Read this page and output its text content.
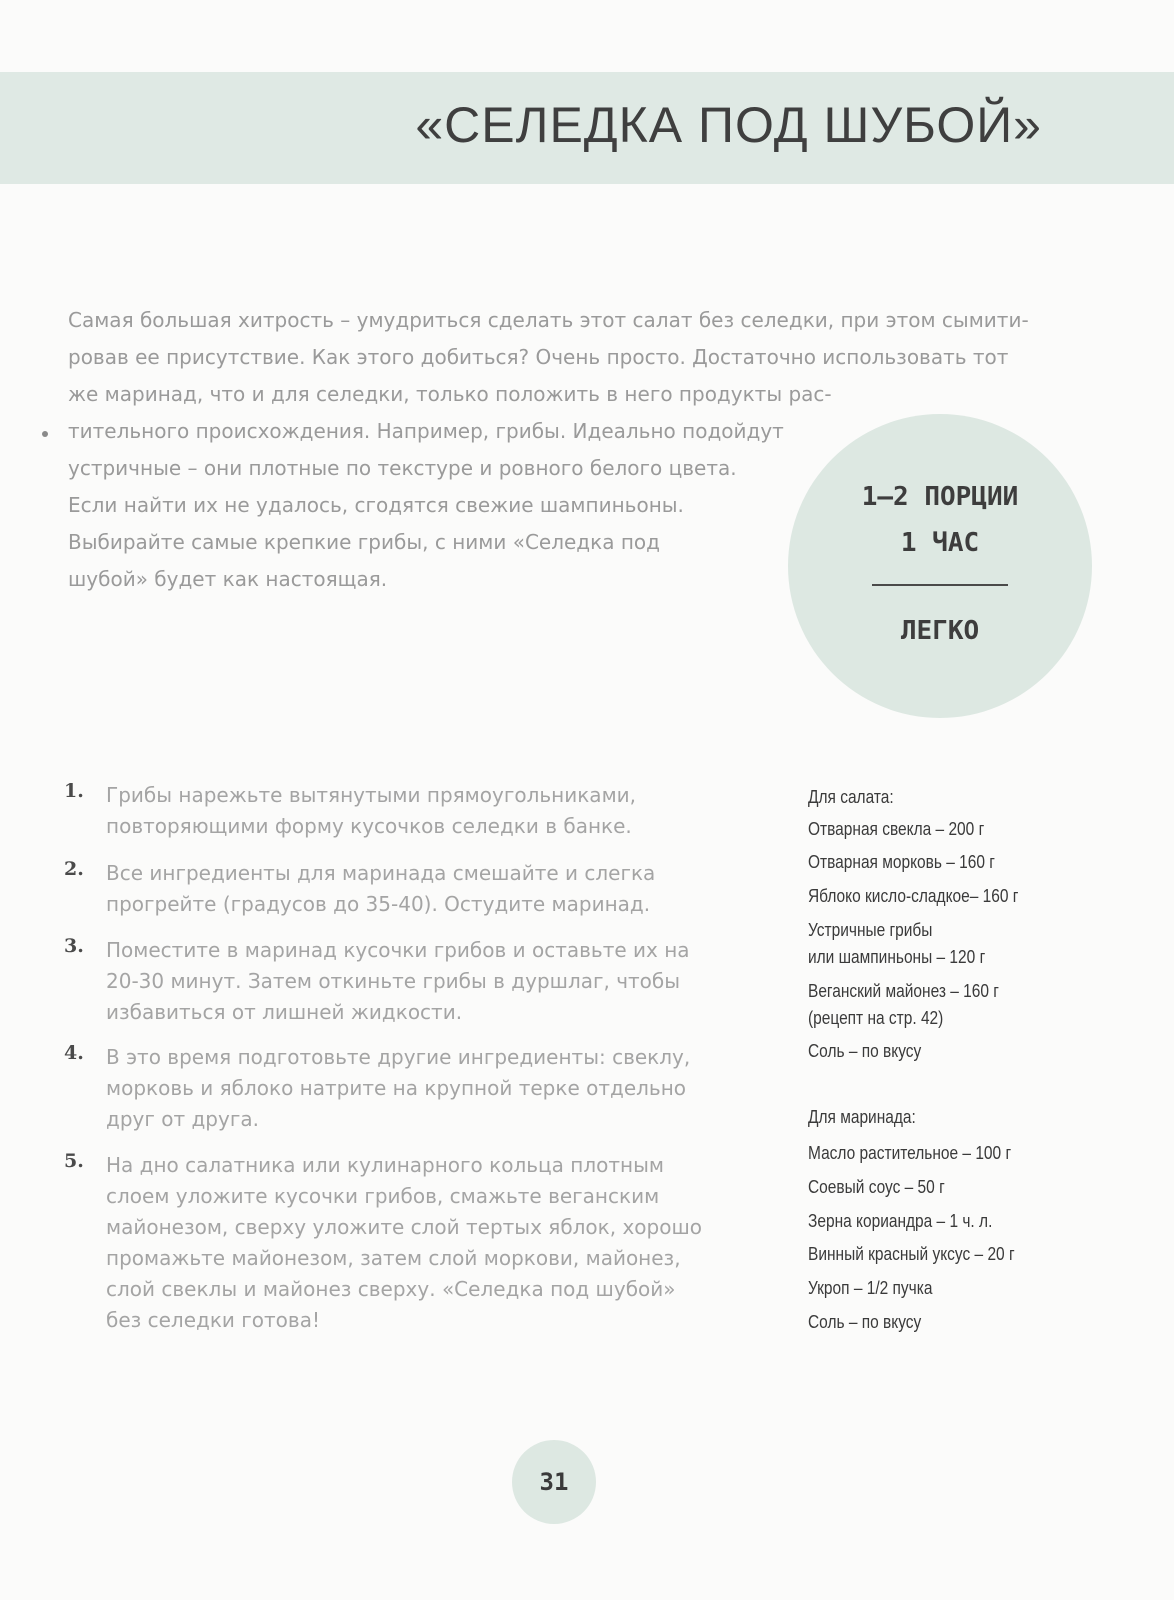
«СЕЛЕДКА ПОД ШУБОЙ»

Самая большая хитрость – умудриться сделать этот салат без селедки, при этом сымити-
ровав ее присутствие. Как этого добиться? Очень просто. Достаточно использовать тот
же маринад, что и для селедки, только положить в него продукты рас-
тительного происхождения. Например, грибы. Идеально подойдут
устричные – они плотные по текстуре и ровного белого цвета.
Если найти их не удалось, сгодятся свежие шампиньоны.
Выбирайте самые крепкие грибы, с ними «Селедка под
шубой» будет как настоящая.

1–2 ПОРЦИИ

1 ЧАС

ЛЕГКО

1. Грибы нарежьте вытянутыми прямоугольниками,
повторяющими форму кусочков селедки в банке.
2. Все ингредиенты для маринада смешайте и слегка
прогрейте (градусов до 35-40). Остудите маринад.
3. Поместите в маринад кусочки грибов и оставьте их на
20-30 минут. Затем откиньте грибы в дуршлаг, чтобы
избавиться от лишней жидкости.
4. В это время подготовьте другие ингредиенты: свеклу,
морковь и яблоко натрите на крупной терке отдельно
друг от друга.
5. На дно салатника или кулинарного кольца плотным
слоем уложите кусочки грибов, смажьте веганским
майонезом, сверху уложите слой тертых яблок, хорошо
промажьте майонезом, затем слой моркови, майонез,
слой свеклы и майонез сверху. «Селедка под шубой»
без селедки готова!
Для салата:
Отварная свекла – 200 г
Отварная морковь – 160 г
Яблоко кисло-сладкое– 160 г
Устричные грибы
или шампиньоны – 120 г
Веганский майонез – 160 г
(рецепт на стр. 42)
Соль – по вкусу
Для маринада:
Масло растительное – 100 г
Соевый соус – 50 г
Зерна кориандра – 1 ч. л.
Винный красный уксус – 20 г
Укроп – 1/2 пучка
Соль – по вкусу
31
